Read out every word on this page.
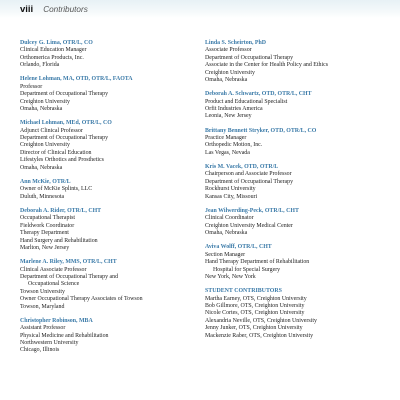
viii Contributors
Dulcey G. Lima, OTR/L, CO
Clinical Education Manager
Orthomerica Products, Inc.
Orlando, Florida
Helene Lohman, MA, OTD, OTR/L, FAOTA
Professor
Department of Occupational Therapy
Creighton University
Omaha, Nebraska
Michael Lohman, MEd, OTR/L, CO
Adjunct Clinical Professor
Department of Occupational Therapy
Creighton University
Director of Clinical Education
Lifestyles Orthotics and Prosthetics
Omaha, Nebraska
Ann McKie, OTR/L
Owner of McKie Splints, LLC
Duluth, Minnesota
Deborah A. Rider, OTR/L, CHT
Occupational Therapist
Fieldwork Coordinator
Therapy Department
Hand Surgery and Rehabilitation
Marlton, New Jersey
Marlene A. Riley, MMS, OTR/L, CHT
Clinical Associate Professor
Department of Occupational Therapy and
Occupational Science
Towson University
Owner Occupational Therapy Associates of Towson
Towson, Maryland
Christopher Robinson, MBA
Assistant Professor
Physical Medicine and Rehabilitation
Northwestern University
Chicago, Illinois
Linda S. Scheirton, PhD
Associate Professor
Department of Occupational Therapy
Associate in the Center for Health Policy and Ethics
Creighton University
Omaha, Nebraska
Deborah A. Schwartz, OTD, OTR/L, CHT
Product and Educational Specialist
Orfit Industries America
Leonia, New Jersey
Brittany Bennett Stryker, OTD, OTR/L, CO
Practice Manager
Orthopedic Motion, Inc.
Las Vegas, Nevada
Kris M. Vacek, OTD, OTR/L
Chairperson and Associate Professor
Department of Occupational Therapy
Rockhurst University
Kansas City, Missouri
Jean Wilwerding-Peck, OTR/L, CHT
Clinical Coordinator
Creighton University Medical Center
Omaha, Nebraska
Aviva Wolff, OTR/L, CHT
Section Manager
Hand Therapy Department of Rehabilitation
Hospital for Special Surgery
New York, New York
STUDENT CONTRIBUTORS
Martha Earney, OTS, Creighton University
Bob Gillmore, OTS, Creighton University
Nicole Cortes, OTS, Creighton University
Alexandria Neville, OTS, Creighton University
Jenny Junker, OTS, Creighton University
Mackenzie Raber, OTS, Creighton University
